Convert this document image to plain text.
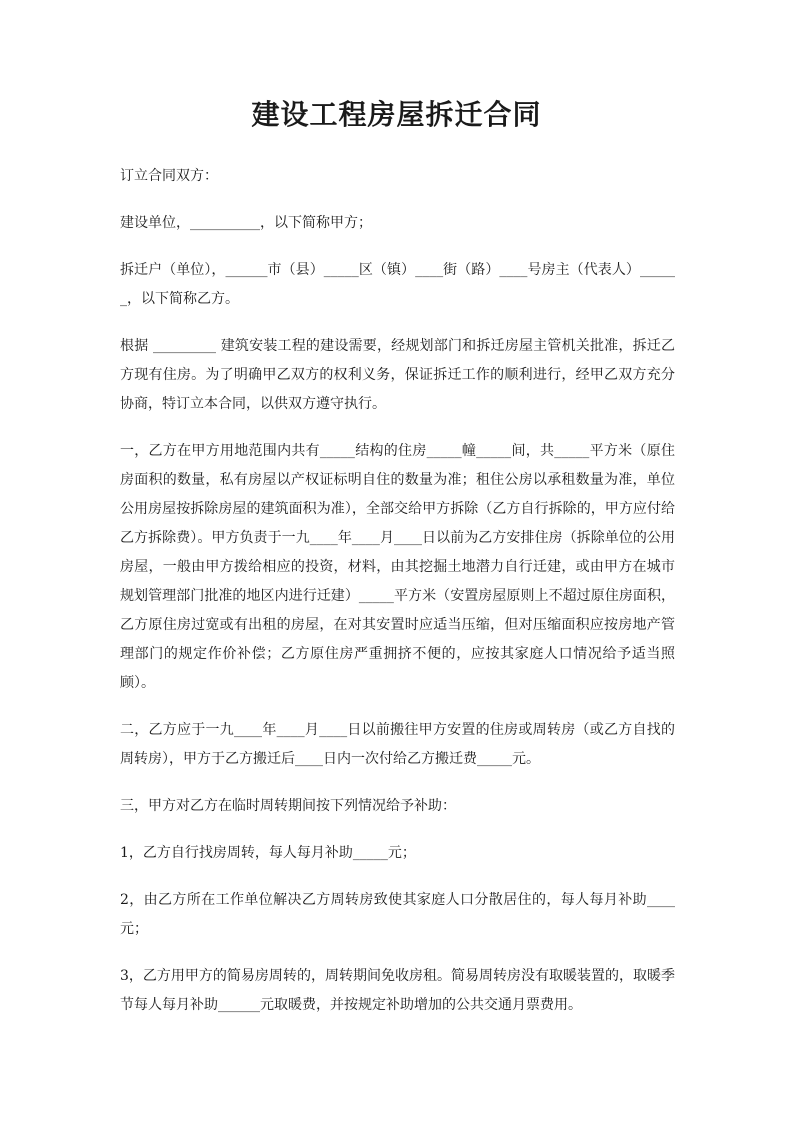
建设工程房屋拆迁合同

订立合同双方：

建设单位，__________，以下简称甲方；

拆迁户（单位），______市（县）_____区（镇）____街（路）____号房主（代表人）______，以下简称乙方。

根据 _________ 建筑安装工程的建设需要，经规划部门和拆迁房屋主管机关批准，拆迁乙方现有住房。为了明确甲乙双方的权利义务，保证拆迁工作的顺利进行，经甲乙双方充分协商，特订立本合同，以供双方遵守执行。

一，乙方在甲方用地范围内共有_____结构的住房_____幢_____间，共_____平方米（原住房面积的数量，私有房屋以产权证标明自住的数量为准；租住公房以承租数量为准，单位公用房屋按拆除房屋的建筑面积为准），全部交给甲方拆除（乙方自行拆除的，甲方应付给乙方拆除费）。甲方负责于一九____年____月____日以前为乙方安排住房（拆除单位的公用房屋，一般由甲方拨给相应的投资，材料，由其挖掘土地潜力自行迁建，或由甲方在城市规划管理部门批准的地区内进行迁建）_____平方米（安置房屋原则上不超过原住房面积，乙方原住房过宽或有出租的房屋，在对其安置时应适当压缩，但对压缩面积应按房地产管理部门的规定作价补偿；乙方原住房严重拥挤不便的，应按其家庭人口情况给予适当照顾）。

二，乙方应于一九____年____月____日以前搬往甲方安置的住房或周转房（或乙方自找的周转房），甲方于乙方搬迁后____日内一次付给乙方搬迁费_____元。

三，甲方对乙方在临时周转期间按下列情况给予补助：

1，乙方自行找房周转，每人每月补助_____元；

2，由乙方所在工作单位解决乙方周转房致使其家庭人口分散居住的，每人每月补助____元；

3，乙方用甲方的简易房周转的，周转期间免收房租。简易周转房没有取暖装置的，取暖季节每人每月补助______元取暖费，并按规定补助增加的公共交通月票费用。
